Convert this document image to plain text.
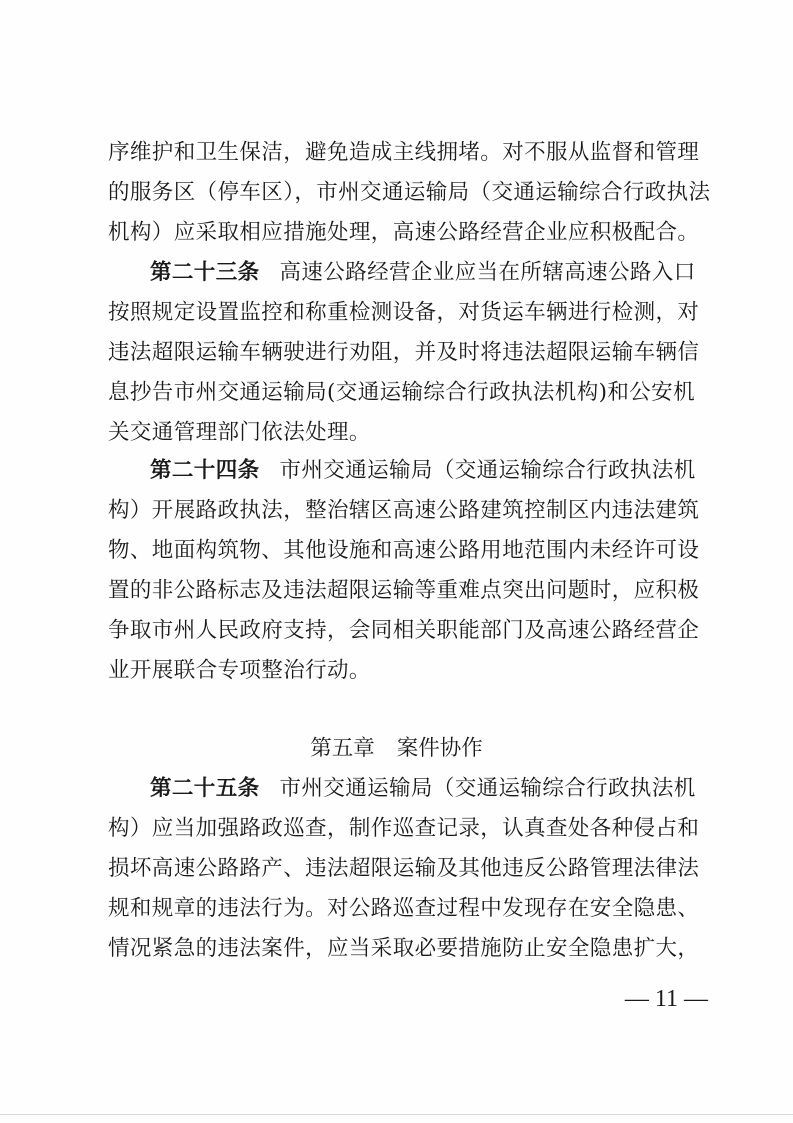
序维护和卫生保洁，避免造成主线拥堵。对不服从监督和管理
的服务区（停车区），市州交通运输局（交通运输综合行政执法
机构）应采取相应措施处理，高速公路经营企业应积极配合。
第二十三条 高速公路经营企业应当在所辖高速公路入口
按照规定设置监控和称重检测设备，对货运车辆进行检测，对
违法超限运输车辆驶进行劝阻，并及时将违法超限运输车辆信
息抄告市州交通运输局(交通运输综合行政执法机构)和公安机
关交通管理部门依法处理。
第二十四条 市州交通运输局（交通运输综合行政执法机
构）开展路政执法，整治辖区高速公路建筑控制区内违法建筑
物、地面构筑物、其他设施和高速公路用地范围内未经许可设
置的非公路标志及违法超限运输等重难点突出问题时，应积极
争取市州人民政府支持，会同相关职能部门及高速公路经营企
业开展联合专项整治行动。
第五章 案件协作
第二十五条 市州交通运输局（交通运输综合行政执法机
构）应当加强路政巡查，制作巡查记录，认真查处各种侵占和
损坏高速公路路产、违法超限运输及其他违反公路管理法律法
规和规章的违法行为。对公路巡查过程中发现存在安全隐患、
情况紧急的违法案件，应当采取必要措施防止安全隐患扩大，
— 11 —
